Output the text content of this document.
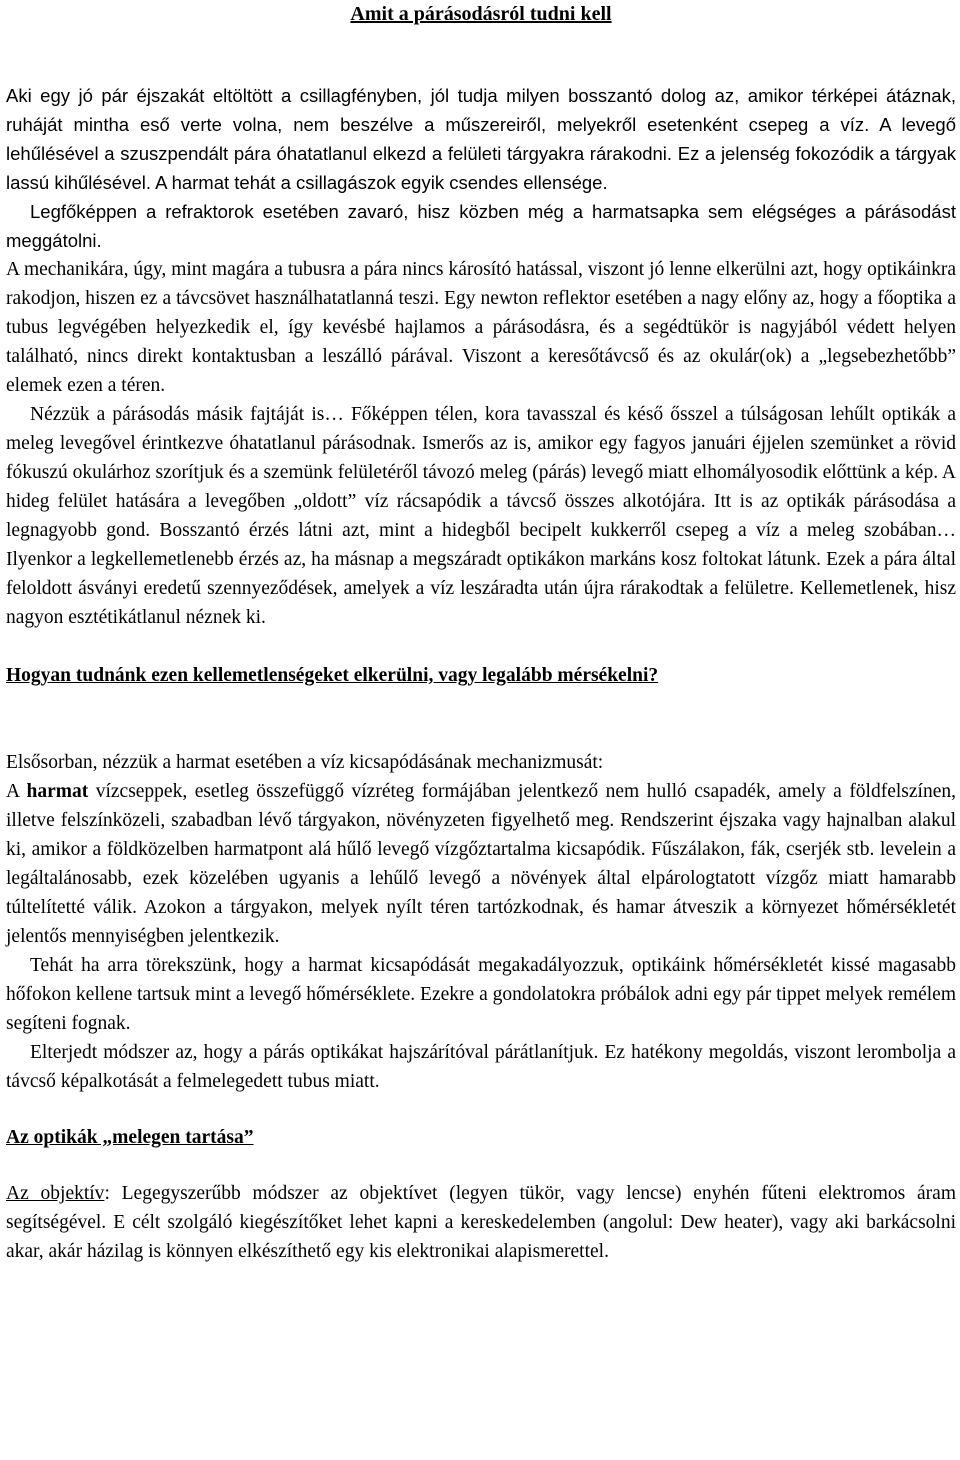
Amit a párásodásról tudni kell

Aki egy jó pár éjszakát eltöltött a csillagfényben, jól tudja milyen bosszantó dolog az, amikor térképei átáznak, ruháját mintha eső verte volna, nem beszélve a műszereiről, melyekről esetenként csepeg a víz. A levegő lehűlésével a szuszpendált pára óhatatlanul elkezd a felületi tárgyakra rárakodni. Ez a jelenség fokozódik a tárgyak lassú kihűlésével. A harmat tehát a csillagászok egyik csendes ellensége.

Legfőképpen a refraktorok esetében zavaró, hisz közben még a harmatsapka sem elégséges a párásodást meggátolni.

A mechanikára, úgy, mint magára a tubusra a pára nincs károsító hatással, viszont jó lenne elkerülni azt, hogy optikáinkra rakodjon, hiszen ez a távcsövet használhatatlanná teszi. Egy newton reflektor esetében a nagy előny az, hogy a főoptika a tubus legvégében helyezkedik el, így kevésbé hajlamos a párásodásra, és a segédtükör is nagyjából védett helyen található, nincs direkt kontaktusban a leszálló párával. Viszont a keresőtávcső és az okulár(ok) a „legsebezhetőbb” elemek ezen a téren.

Nézzük a párásodás másik fajtáját is… Főképpen télen, kora tavasszal és késő ősszel a túlságosan lehűlt optikák a meleg levegővel érintkezve óhatatlanul párásodnak. Ismerős az is, amikor egy fagyos januári éjjelen szemünket a rövid fókuszú okulárhoz szorítjuk és a szemünk felületéről távozó meleg (párás) levegő miatt elhomályosodik előttünk a kép. A hideg felület hatására a levegőben „oldott” víz rácsapódik a távcső összes alkotójára. Itt is az optikák párásodása a legnagyobb gond. Bosszantó érzés látni azt, mint a hidegből becipelt kukkerről csepeg a víz a meleg szobában… Ilyenkor a legkellemetlenebb érzés az, ha másnap a megszáradt optikákon markáns kosz foltokat látunk. Ezek a pára által feloldott ásványi eredetű szennyeződések, amelyek a víz leszáradta után újra rárakodtak a felületre. Kellemetlenek, hisz nagyon esztétikátlanul néznek ki.

Hogyan tudnánk ezen kellemetlenségeket elkerülni, vagy legalább mérsékelni?

Elsősorban, nézzük a harmat esetében a víz kicsapódásának mechanizmusát:

A harmat vízcseppek, esetleg összefüggő vízréteg formájában jelentkező nem hulló csapadék, amely a földfelszínen, illetve felszínközeli, szabadban lévő tárgyakon, növényzeten figyelhető meg. Rendszerint éjszaka vagy hajnalban alakul ki, amikor a földközelben harmatpont alá hűlő levegő vízgőztartalma kicsapódik. Fűszálakon, fák, cserjék stb. levelein a legáltalánosabb, ezek közelében ugyanis a lehűlő levegő a növények által elpárologtatott vízgőz miatt hamarabb túltelítetté válik. Azokon a tárgyakon, melyek nyílt téren tartózkodnak, és hamar átveszik a környezet hőmérsékletét jelentős mennyiségben jelentkezik.

Tehát ha arra törekszünk, hogy a harmat kicsapódását megakadályozzuk, optikáink hőmérsékletét kissé magasabb hőfokon kellene tartsuk mint a levegő hőmérséklete. Ezekre a gondolatokra próbálok adni egy pár tippet melyek remélem segíteni fognak.

Elterjedt módszer az, hogy a párás optikákat hajszárítóval párátlanítjuk. Ez hatékony megoldás, viszont lerombolja a távcső képalkotását a felmelegedett tubus miatt.

Az optikák „melegen tartása”

Az objektív: Legegyszerűbb módszer az objektívet (legyen tükör, vagy lencse) enyhén fűteni elektromos áram segítségével. E célt szolgáló kiegészítőket lehet kapni a kereskedelemben (angolul: Dew heater), vagy aki barkácsolni akar, akár házilag is könnyen elkészíthető egy kis elektronikai alapismerettel.
